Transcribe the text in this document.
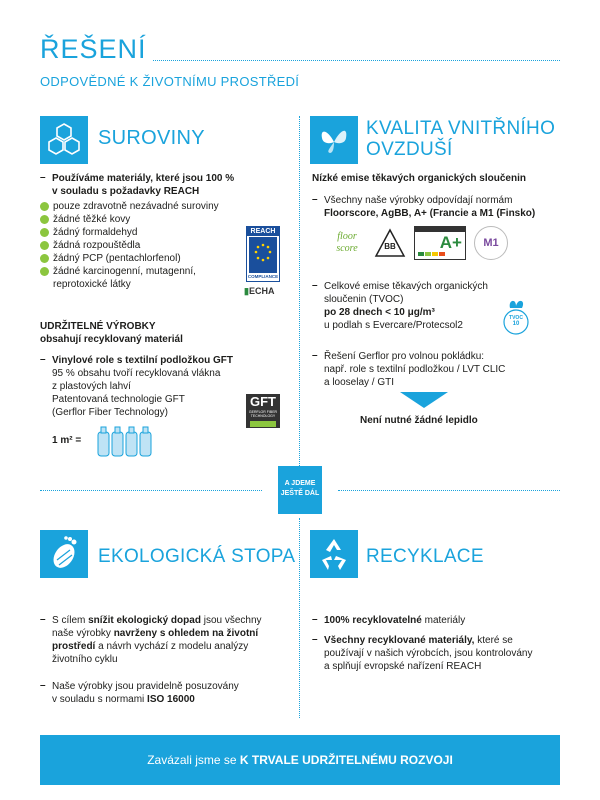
ŘEŠENÍ
ODPOVĚDNÉ K ŽIVOTNÍMU PROSTŘEDÍ
SUROVINY
– Používáme materiály, které jsou 100 %
v souladu s požadavky REACH
pouze zdravotně nezávadné suroviny
žádné těžké kovy
žádný formaldehyd
žádná rozpouštědla
žádný PCP (pentachlorfenol)
žádné karcinogenní, mutagenní,
reprotoxické látky
REACH
COMPLIANCE
▮ECHA
UDRŽITELNÉ VÝROBKY
obsahují recyklovaný materiál
– Vinylové role s textilní podložkou GFT
95 % obsahu tvoří recyklovaná vlákna
z plastových lahví
Patentovaná technologie GFT
(Gerflor Fiber Technology)
GFT
GERFLOR FIBER TECHNOLOGY
1 m² =
KVALITA VNITŘNÍHO
OVZDUŠÍ
Nízké emise těkavých organických sloučenin
– Všechny naše výrobky odpovídají normám
Floorscore, AgBB, A+ (Francie a M1 (Finsko)
floor score	BB	A+	M1
– Celkové emise těkavých organických
sloučenin (TVOC)
po 28 dnech < 10 μg/m³
u podlah s Evercare/Protecsol2
TVOC
10
– Řešení Gerflor pro volnou pokládku:
např. role s textilní podložkou / LVT CLIC
a looselay / GTI
Není nutné žádné lepidlo
A JDEME
JEŠTĚ DÁL
EKOLOGICKÁ STOPA
– S cílem snížit ekologický dopad jsou všechny
naše výrobky navrženy s ohledem na životní
prostředí a návrh vychází z modelu analýzy
životního cyklu
– Naše výrobky jsou pravidelně posuzovány
v souladu s normami ISO 16000
RECYKLACE
– 100% recyklovatelné materiály
– Všechny recyklované materiály, které se
používají v našich výrobcích, jsou kontrolovány
a splňují evropské nařízení REACH
Zavázali jsme se K TRVALE UDRŽITELNÉMU ROZVOJI
